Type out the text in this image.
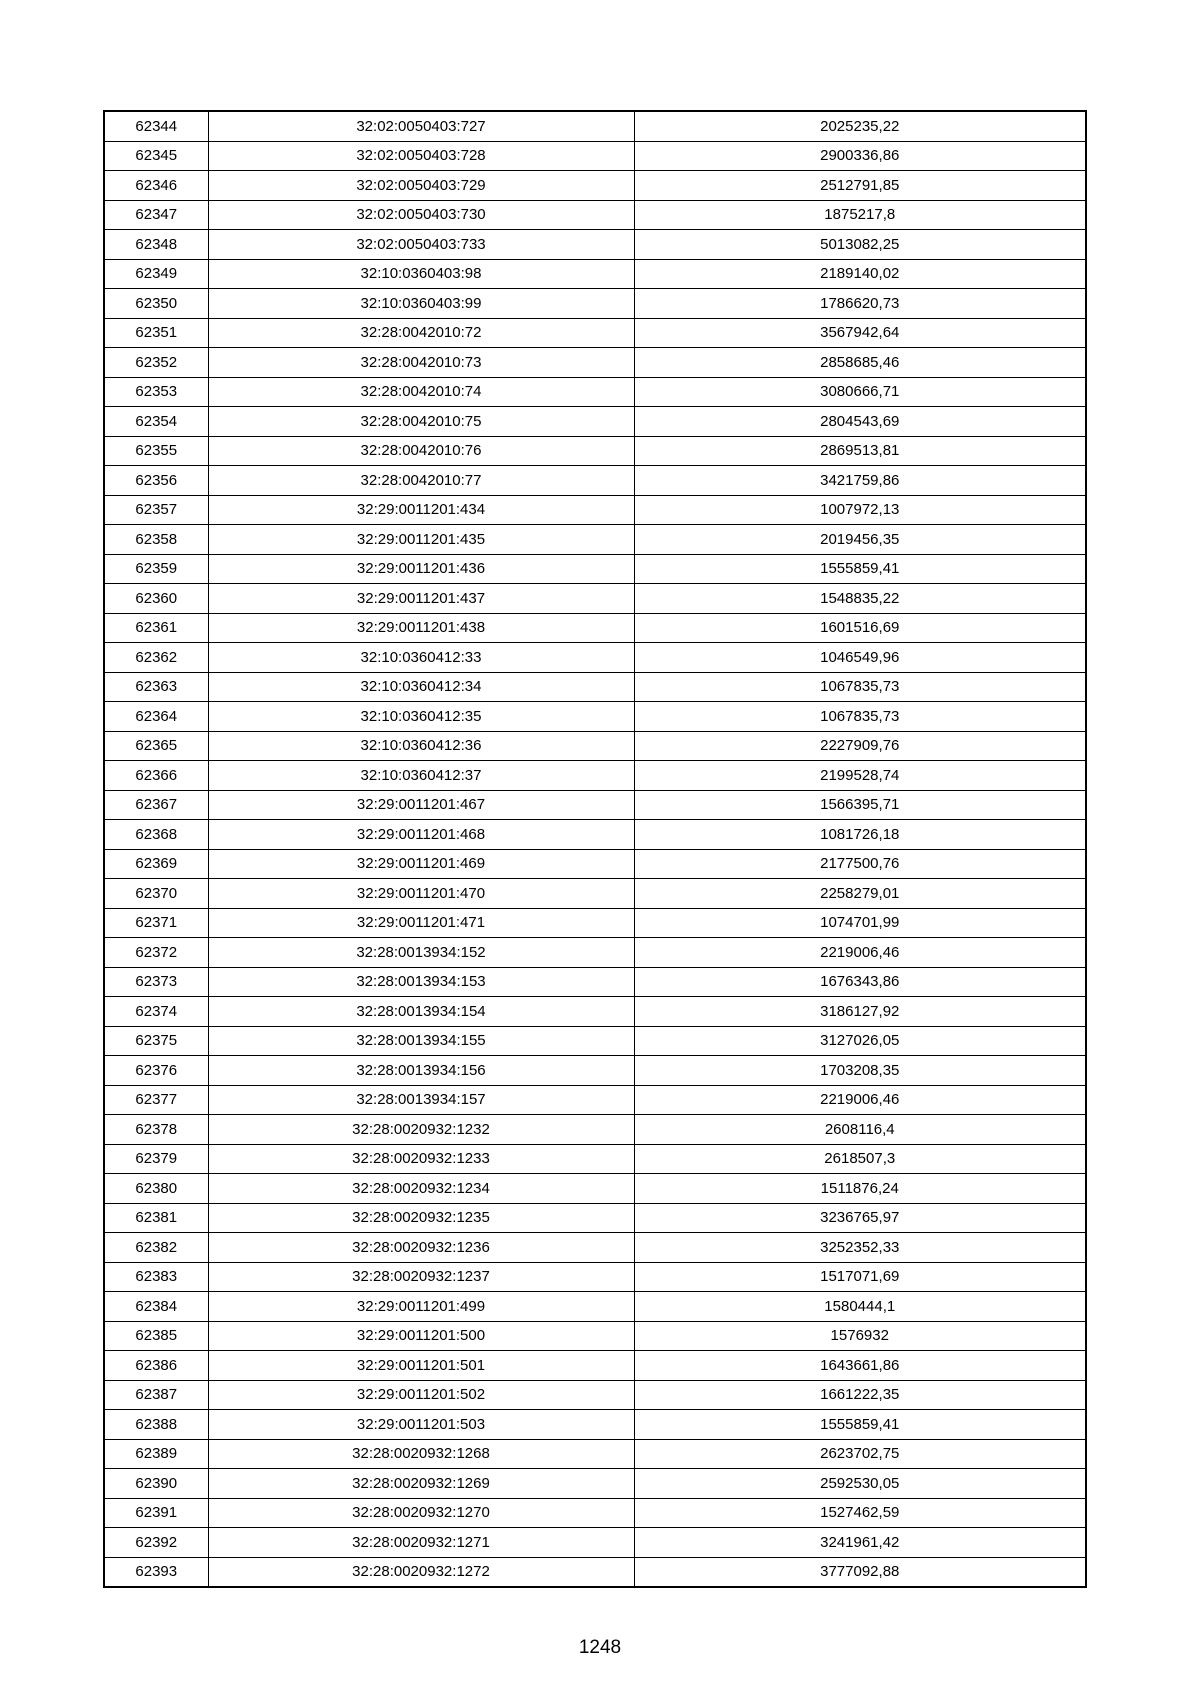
62344	32:02:0050403:727	2025235,22
62345	32:02:0050403:728	2900336,86
62346	32:02:0050403:729	2512791,85
62347	32:02:0050403:730	1875217,8
62348	32:02:0050403:733	5013082,25
62349	32:10:0360403:98	2189140,02
62350	32:10:0360403:99	1786620,73
62351	32:28:0042010:72	3567942,64
62352	32:28:0042010:73	2858685,46
62353	32:28:0042010:74	3080666,71
62354	32:28:0042010:75	2804543,69
62355	32:28:0042010:76	2869513,81
62356	32:28:0042010:77	3421759,86
62357	32:29:0011201:434	1007972,13
62358	32:29:0011201:435	2019456,35
62359	32:29:0011201:436	1555859,41
62360	32:29:0011201:437	1548835,22
62361	32:29:0011201:438	1601516,69
62362	32:10:0360412:33	1046549,96
62363	32:10:0360412:34	1067835,73
62364	32:10:0360412:35	1067835,73
62365	32:10:0360412:36	2227909,76
62366	32:10:0360412:37	2199528,74
62367	32:29:0011201:467	1566395,71
62368	32:29:0011201:468	1081726,18
62369	32:29:0011201:469	2177500,76
62370	32:29:0011201:470	2258279,01
62371	32:29:0011201:471	1074701,99
62372	32:28:0013934:152	2219006,46
62373	32:28:0013934:153	1676343,86
62374	32:28:0013934:154	3186127,92
62375	32:28:0013934:155	3127026,05
62376	32:28:0013934:156	1703208,35
62377	32:28:0013934:157	2219006,46
62378	32:28:0020932:1232	2608116,4
62379	32:28:0020932:1233	2618507,3
62380	32:28:0020932:1234	1511876,24
62381	32:28:0020932:1235	3236765,97
62382	32:28:0020932:1236	3252352,33
62383	32:28:0020932:1237	1517071,69
62384	32:29:0011201:499	1580444,1
62385	32:29:0011201:500	1576932
62386	32:29:0011201:501	1643661,86
62387	32:29:0011201:502	1661222,35
62388	32:29:0011201:503	1555859,41
62389	32:28:0020932:1268	2623702,75
62390	32:28:0020932:1269	2592530,05
62391	32:28:0020932:1270	1527462,59
62392	32:28:0020932:1271	3241961,42
62393	32:28:0020932:1272	3777092,88
1248
